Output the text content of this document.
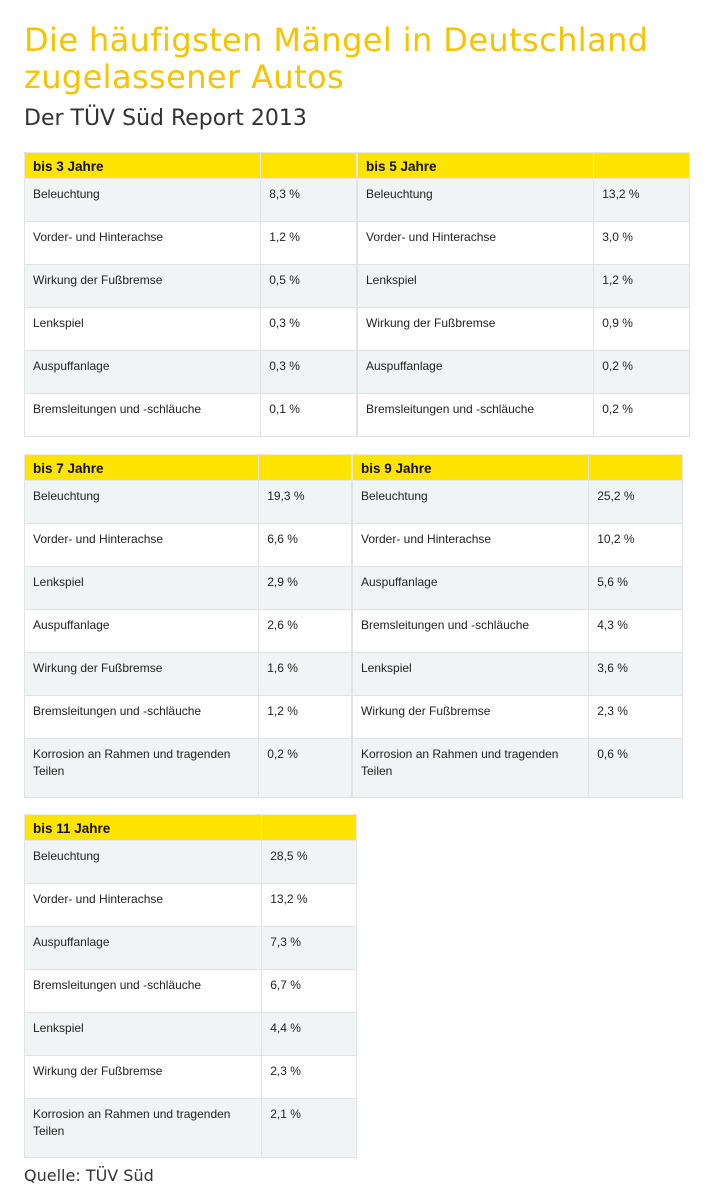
Die häufigsten Mängel in Deutschland
zugelassener Autos
Der TÜV Süd Report 2013
bis 3 Jahre	
Beleuchtung	8,3 %
Vorder- und Hinterachse	1,2 %
Wirkung der Fußbremse	0,5 %
Lenkspiel	0,3 %
Auspuffanlage	0,3 %
Bremsleitungen und -schläuche	0,1 %
bis 5 Jahre	
Beleuchtung	13,2 %
Vorder- und Hinterachse	3,0 %
Lenkspiel	1,2 %
Wirkung der Fußbremse	0,9 %
Auspuffanlage	0,2 %
Bremsleitungen und -schläuche	0,2 %
bis 7 Jahre	
Beleuchtung	19,3 %
Vorder- und Hinterachse	6,6 %
Lenkspiel	2,9 %
Auspuffanlage	2,6 %
Wirkung der Fußbremse	1,6 %
Bremsleitungen und -schläuche	1,2 %
Korrosion an Rahmen und tragenden Teilen	0,2 %
bis 9 Jahre	
Beleuchtung	25,2 %
Vorder- und Hinterachse	10,2 %
Auspuffanlage	5,6 %
Bremsleitungen und -schläuche	4,3 %
Lenkspiel	3,6 %
Wirkung der Fußbremse	2,3 %
Korrosion an Rahmen und tragenden Teilen	0,6 %
bis 11 Jahre	
Beleuchtung	28,5 %
Vorder- und Hinterachse	13,2 %
Auspuffanlage	7,3 %
Bremsleitungen und -schläuche	6,7 %
Lenkspiel	4,4 %
Wirkung der Fußbremse	2,3 %
Korrosion an Rahmen und tragenden Teilen	2,1 %
Quelle: TÜV Süd
